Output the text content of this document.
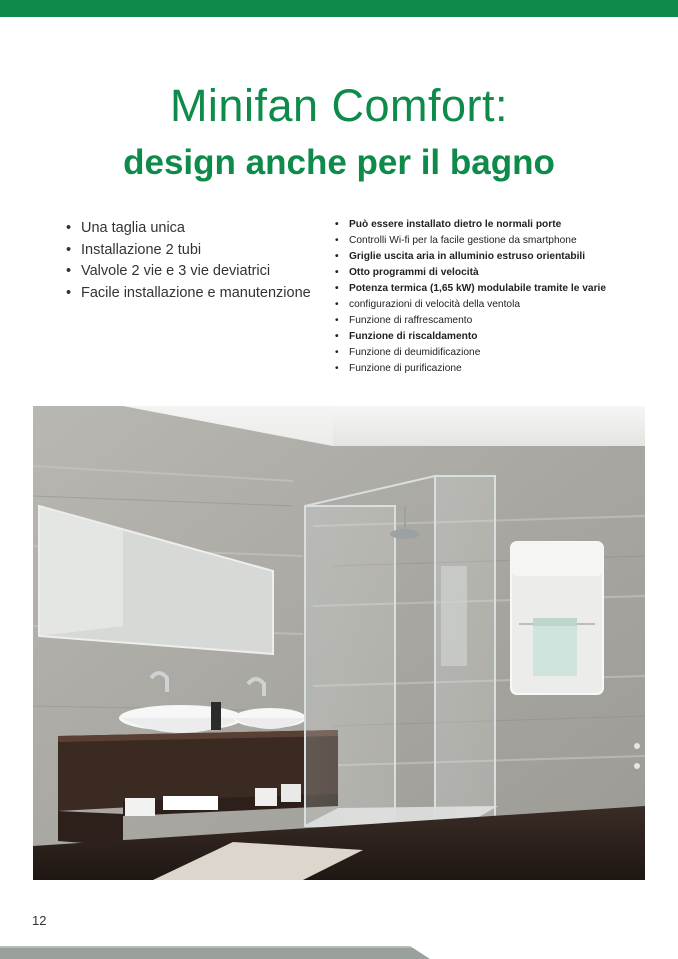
Minifan Comfort:
design anche per il bagno
• Una taglia unica
• Installazione 2 tubi
• Valvole 2 vie e 3 vie deviatrici
• Facile installazione e manutenzione
• Può essere installato dietro le normali porte
• Controlli Wi-fi per la facile gestione da smartphone
• Griglie uscita aria in alluminio estruso orientabili
• Otto programmi di velocità
• Potenza termica (1,65 kW) modulabile tramite le varie
• configurazioni di velocità della ventola
• Funzione di raffrescamento
• Funzione di riscaldamento
• Funzione di deumidificazione
• Funzione di purificazione
12
